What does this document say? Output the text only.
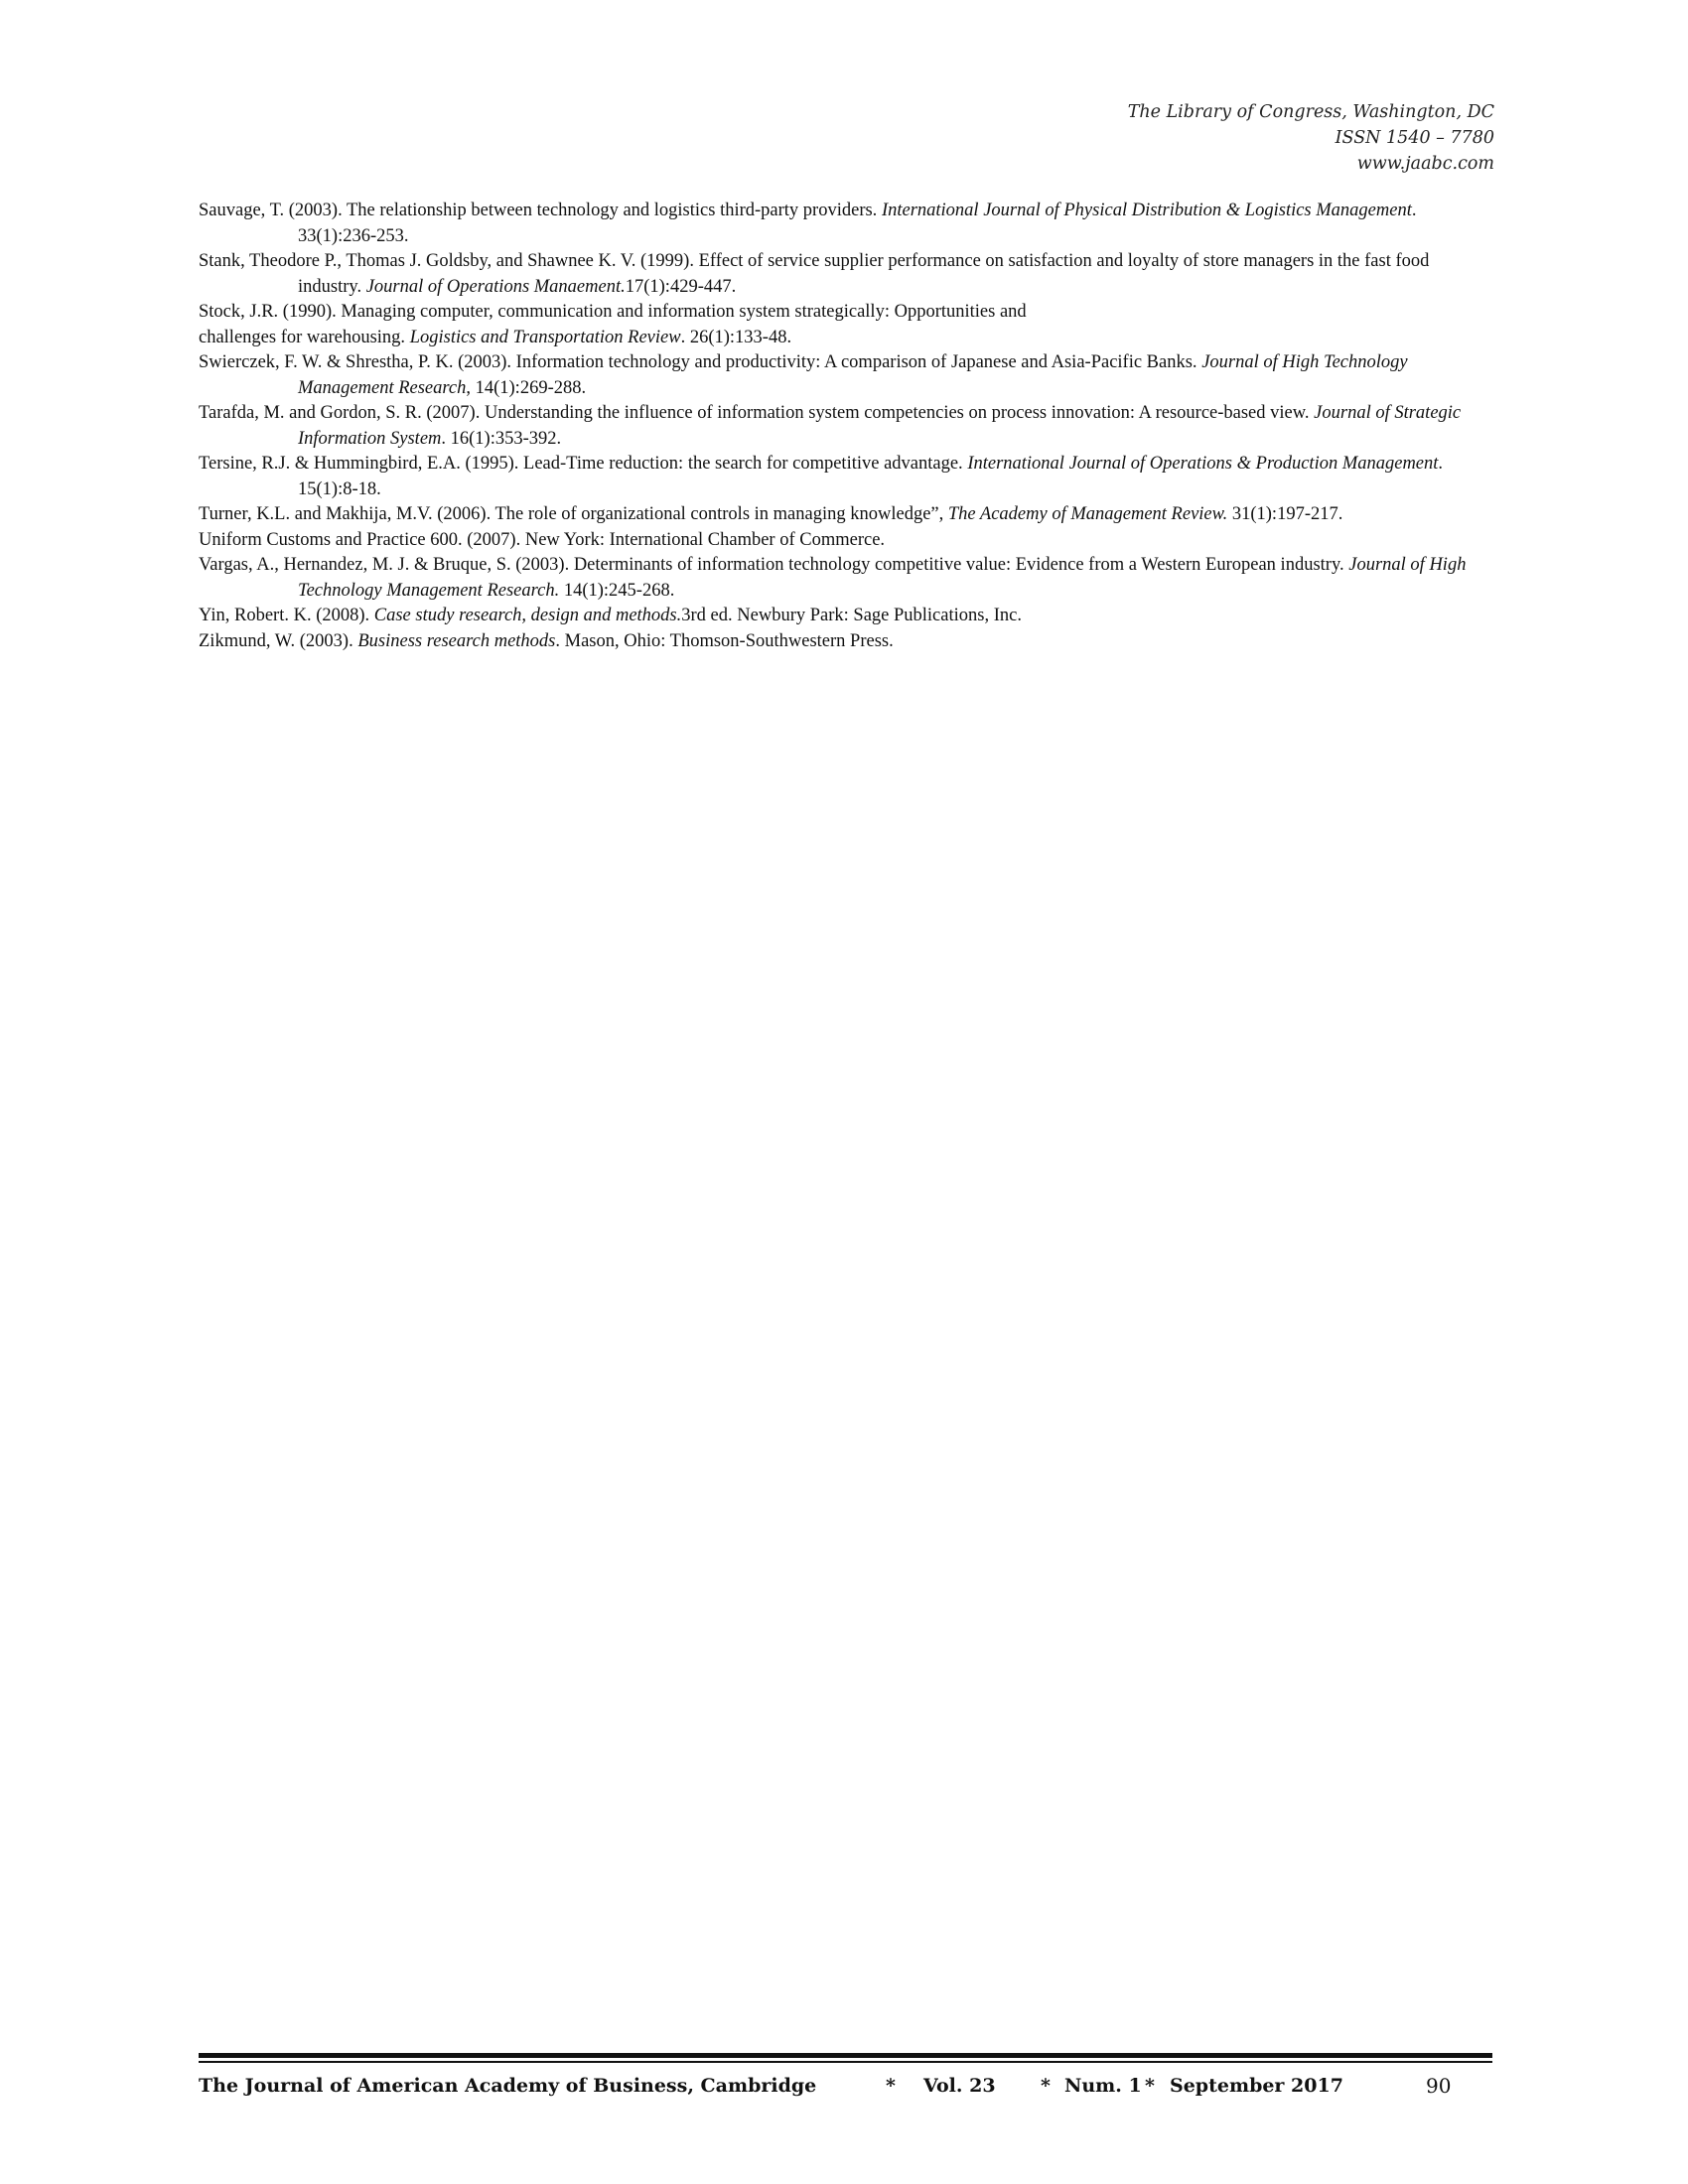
The Library of Congress, Washington, DC
ISSN 1540 – 7780
www.jaabc.com

Sauvage, T. (2003). The relationship between technology and logistics third-party providers. International Journal of Physical Distribution & Logistics Management. 33(1):236-253.

Stank, Theodore P., Thomas J. Goldsby, and Shawnee K. V. (1999). Effect of service supplier performance on satisfaction and loyalty of store managers in the fast food industry. Journal of Operations Manaement.17(1):429-447.

Stock, J.R. (1990). Managing computer, communication and information system strategically: Opportunities and

challenges for warehousing. Logistics and Transportation Review. 26(1):133-48.

Swierczek, F. W. & Shrestha, P. K. (2003). Information technology and productivity: A comparison of Japanese and Asia-Pacific Banks. Journal of High Technology Management Research, 14(1):269-288.

Tarafda, M. and Gordon, S. R. (2007). Understanding the influence of information system competencies on process innovation: A resource-based view. Journal of Strategic Information System. 16(1):353-392.

Tersine, R.J. & Hummingbird, E.A. (1995). Lead-Time reduction: the search for competitive advantage. International Journal of Operations & Production Management. 15(1):8-18.

Turner, K.L. and Makhija, M.V. (2006). The role of organizational controls in managing knowledge”, The Academy of Management Review. 31(1):197-217.

Uniform Customs and Practice 600. (2007). New York: International Chamber of Commerce.

Vargas, A., Hernandez, M. J. & Bruque, S. (2003). Determinants of information technology competitive value: Evidence from a Western European industry. Journal of High Technology Management Research. 14(1):245-268.

Yin, Robert. K. (2008). Case study research, design and methods.3rd ed. Newbury Park: Sage Publications, Inc.

Zikmund, W. (2003). Business research methods. Mason, Ohio: Thomson-Southwestern Press.

The Journal of American Academy of Business, Cambridge	* Vol. 23 * Num. 1 * September 2017	90
